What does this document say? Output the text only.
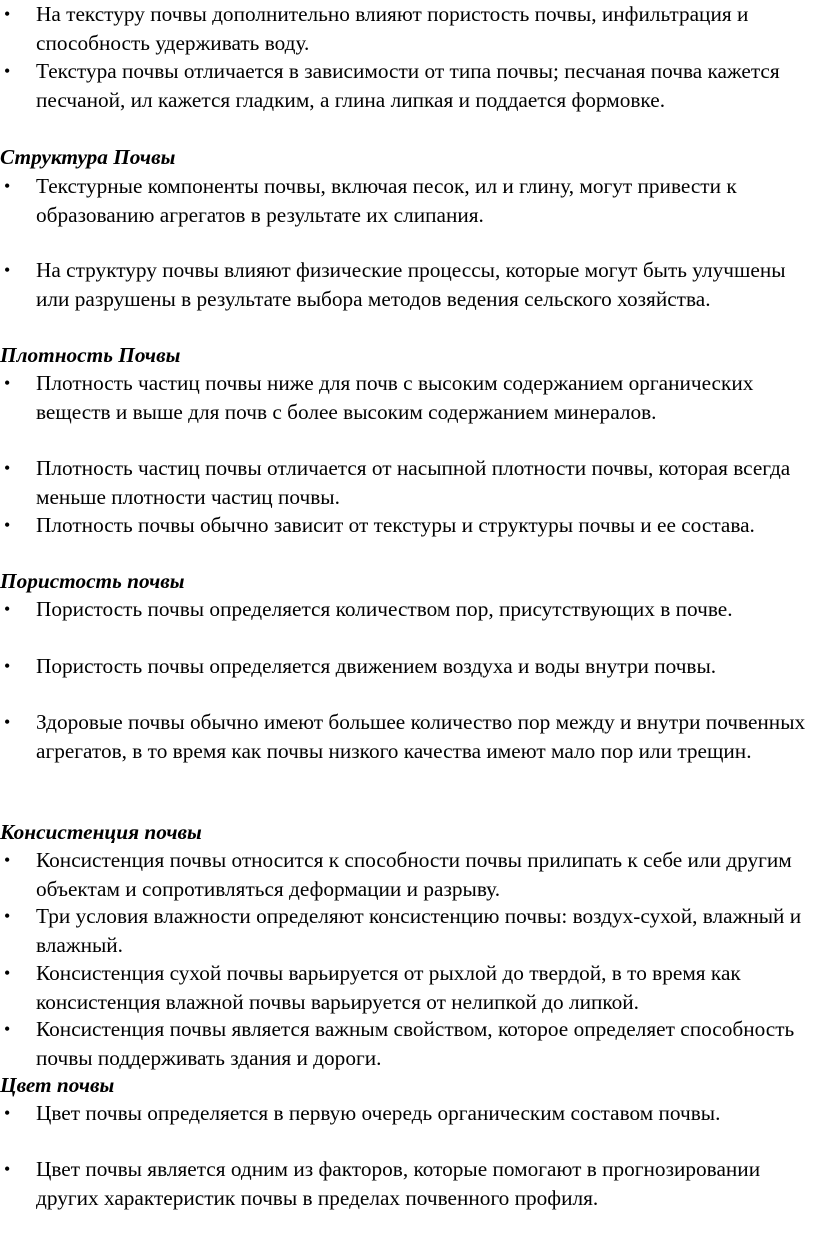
•	На текстуру почвы дополнительно влияют пористость почвы, инфильтрация и способность удерживать воду.
•	Текстура почвы отличается в зависимости от типа почвы; песчаная почва кажется песчаной, ил кажется гладким, а глина липкая и поддается формовке.
Структура Почвы
•	Текстурные компоненты почвы, включая песок, ил и глину, могут привести к образованию агрегатов в результате их слипания.
•	На структуру почвы влияют физические процессы, которые могут быть улучшены или разрушены в результате выбора методов ведения сельского хозяйства.
Плотность Почвы
•	Плотность частиц почвы ниже для почв с высоким содержанием органических веществ и выше для почв с более высоким содержанием минералов.
•	Плотность частиц почвы отличается от насыпной плотности почвы, которая всегда меньше плотности частиц почвы.
•	Плотность почвы обычно зависит от текстуры и структуры почвы и ее состава.
Пористость почвы
•	Пористость почвы определяется количеством пор, присутствующих в почве.
•	Пористость почвы определяется движением воздуха и воды внутри почвы.
•	Здоровые почвы обычно имеют большее количество пор между и внутри почвенных агрегатов, в то время как почвы низкого качества имеют мало пор или трещин.
Консистенция почвы
•	Консистенция почвы относится к способности почвы прилипать к себе или другим объектам и сопротивляться деформации и разрыву.
•	Три условия влажности определяют консистенцию почвы: воздух-сухой, влажный и влажный.
•	Консистенция сухой почвы варьируется от рыхлой до твердой, в то время как консистенция влажной почвы варьируется от нелипкой до липкой.
•	Консистенция почвы является важным свойством, которое определяет способность почвы поддерживать здания и дороги.
Цвет почвы
•	Цвет почвы определяется в первую очередь органическим составом почвы.
•	Цвет почвы является одним из факторов, которые помогают в прогнозировании других характеристик почвы в пределах почвенного профиля.
